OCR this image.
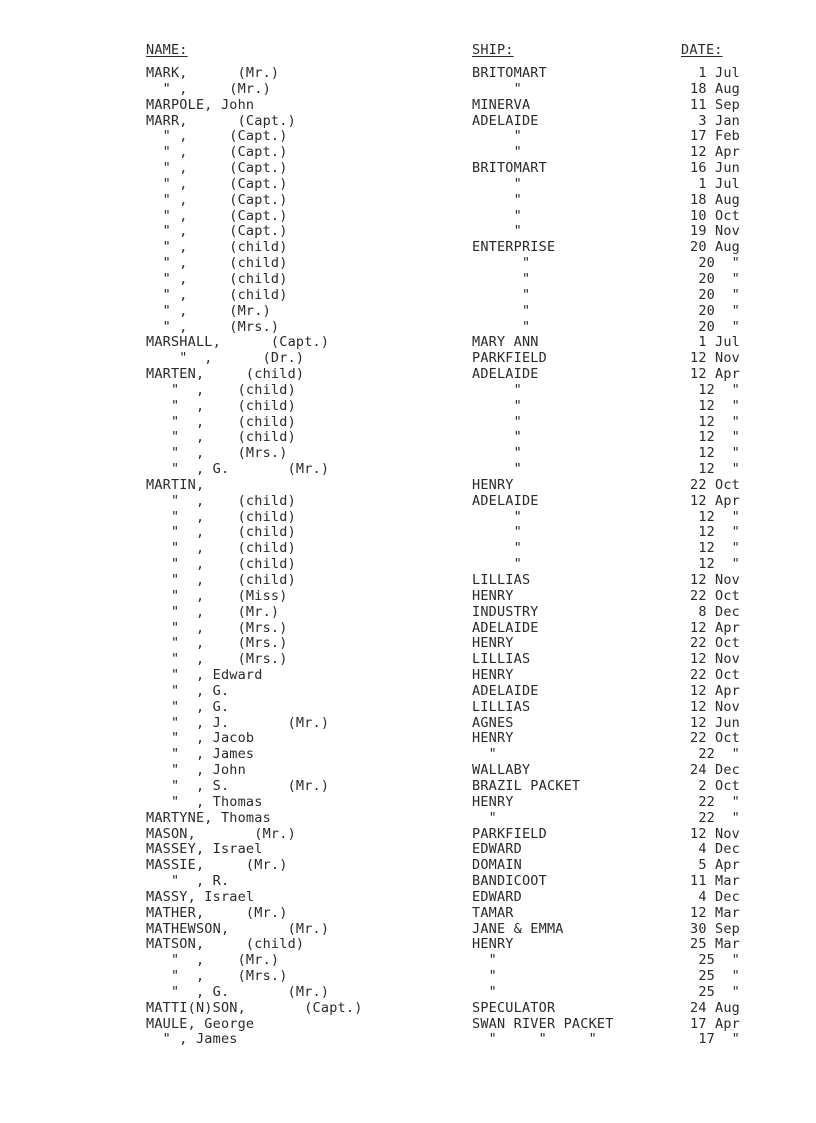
NAME:	SHIP:	DATE:
MARK,      (Mr.)	BRITOMART	1 Jul
" ,     (Mr.)	"	18 Aug
MARPOLE, John	MINERVA	11 Sep
MARR,      (Capt.)	ADELAIDE	3 Jan
" ,     (Capt.)	"	17 Feb
" ,     (Capt.)	"	12 Apr
" ,     (Capt.)	BRITOMART	16 Jun
" ,     (Capt.)	"	1 Jul
" ,     (Capt.)	"	18 Aug
" ,     (Capt.)	"	10 Oct
" ,     (Capt.)	"	19 Nov
" ,     (child)	ENTERPRISE	20 Aug
" ,     (child)	"	20  "
" ,     (child)	"	20  "
" ,     (child)	"	20  "
" ,     (Mr.)	"	20  "
" ,     (Mrs.)	"	20  "
MARSHALL,      (Capt.)	MARY ANN	1 Jul
"  ,      (Dr.)	PARKFIELD	12 Nov
MARTEN,     (child)	ADELAIDE	12 Apr
"  ,    (child)	"	12  "
"  ,    (child)	"	12  "
"  ,    (child)	"	12  "
"  ,    (child)	"	12  "
"  ,    (Mrs.)	"	12  "
"  , G.       (Mr.)	"	12  "
MARTIN,	HENRY	22 Oct
"  ,    (child)	ADELAIDE	12 Apr
"  ,    (child)	"	12  "
"  ,    (child)	"	12  "
"  ,    (child)	"	12  "
"  ,    (child)	"	12  "
"  ,    (child)	LILLIAS	12 Nov
"  ,    (Miss)	HENRY	22 Oct
"  ,    (Mr.)	INDUSTRY	8 Dec
"  ,    (Mrs.)	ADELAIDE	12 Apr
"  ,    (Mrs.)	HENRY	22 Oct
"  ,    (Mrs.)	LILLIAS	12 Nov
"  , Edward	HENRY	22 Oct
"  , G.	ADELAIDE	12 Apr
"  , G.	LILLIAS	12 Nov
"  , J.       (Mr.)	AGNES	12 Jun
"  , Jacob	HENRY	22 Oct
"  , James	"	22  "
"  , John	WALLABY	24 Dec
"  , S.       (Mr.)	BRAZIL PACKET	2 Oct
"  , Thomas	HENRY	22  "
MARTYNE, Thomas	"	22  "
MASON,       (Mr.)	PARKFIELD	12 Nov
MASSEY, Israel	EDWARD	4 Dec
MASSIE,     (Mr.)	DOMAIN	5 Apr
"  , R.	BANDICOOT	11 Mar
MASSY, Israel	EDWARD	4 Dec
MATHER,     (Mr.)	TAMAR	12 Mar
MATHEWSON,       (Mr.)	JANE & EMMA	30 Sep
MATSON,     (child)	HENRY	25 Mar
"  ,    (Mr.)	"	25  "
"  ,    (Mrs.)	"	25  "
"  , G.       (Mr.)	"	25  "
MATTI(N)SON,       (Capt.)	SPECULATOR	24 Aug
MAULE, George	SWAN RIVER PACKET	17 Apr
" , James	"     "     "	17  "
